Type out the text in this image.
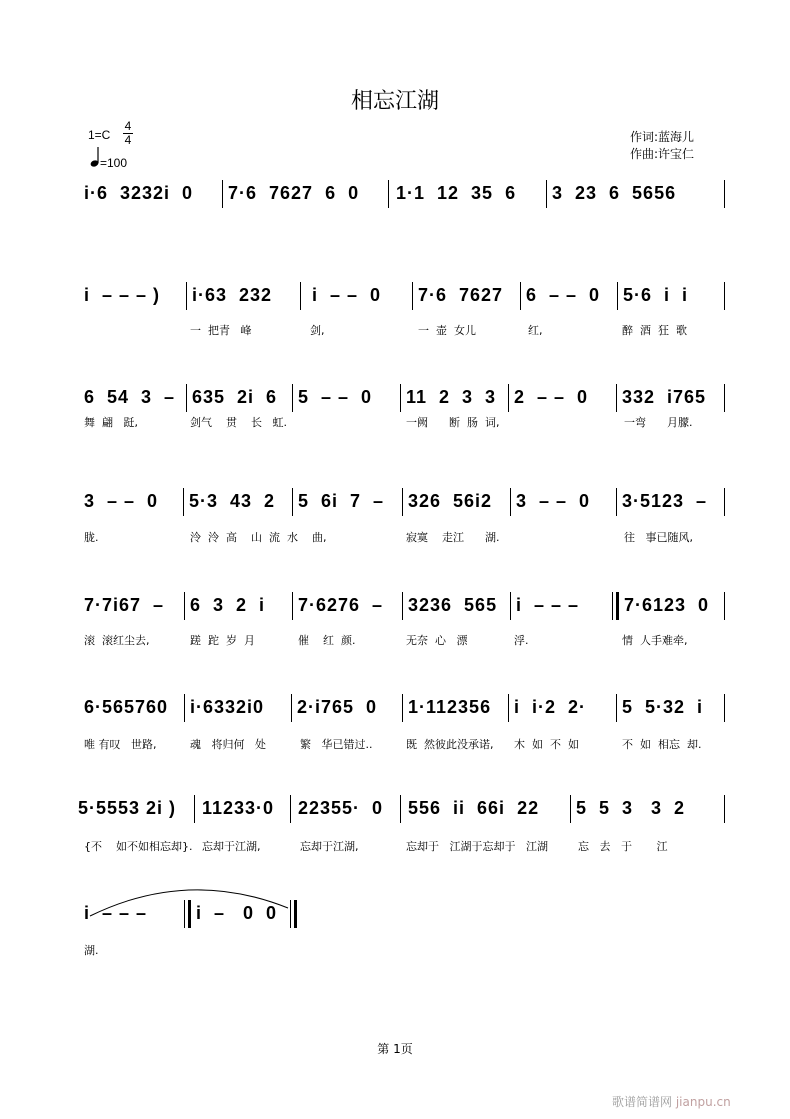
相忘江湖
1=C
4
4
=100
作词:蓝海儿
作曲:许宝仁
i·6  3232i  0 7·6  7627  6  0 1·1  12  35  6 3  23  6  5656
i  – – – ) i·63  232 i  – –  0 7·6  7627 6  – –  0 5·6  i  i
一  把青   峰	剑,	一  壶  女儿	红,	醉  酒  狂  歌
6  54  3  – 635  2i  6 5  – –  0 11  2  3  3 2  – –  0 332  i765
舞  翩   跹,	剑气    贯    长   虹.	一阙      断  肠  词,	一弯      月朦.
3  – –  0 5·3  43  2 5  6i  7  – 326  56i2 3  – –  0 3·5123  –
胧.	泠  泠  高    山  流  水    曲,	寂寞    走江      湖.	往   事已随风,
7·7i67  – 6  3  2  i 7·6276  – 3236  565 i  – – – 7·6123  0
滚  滚红尘去,	蹉  跎  岁  月	催    红  颜.	无奈  心   漂	浮.	情  人手难牵,
6·565760 i·6332i0 2·i765  0 1·112356 i  i·2  2· 5  5·32  i
唯 有叹   世路,	魂   将归何   处	繁   华已错过..	既  然彼此没承诺, 木  如  不  如	不  如  相忘  却.
5·5553 2i ) 11233·0 22355·  0 556  ii  66i  22 5  5  3   3  2
{不    如不如相忘却}. 忘却于江湖,	忘却于江湖,	忘却于   江湖于忘却于   江湖	忘   去   于       江
i  – – –	i  –   0  0
湖.
第 1页
歌谱简谱网 jianpu.cn
